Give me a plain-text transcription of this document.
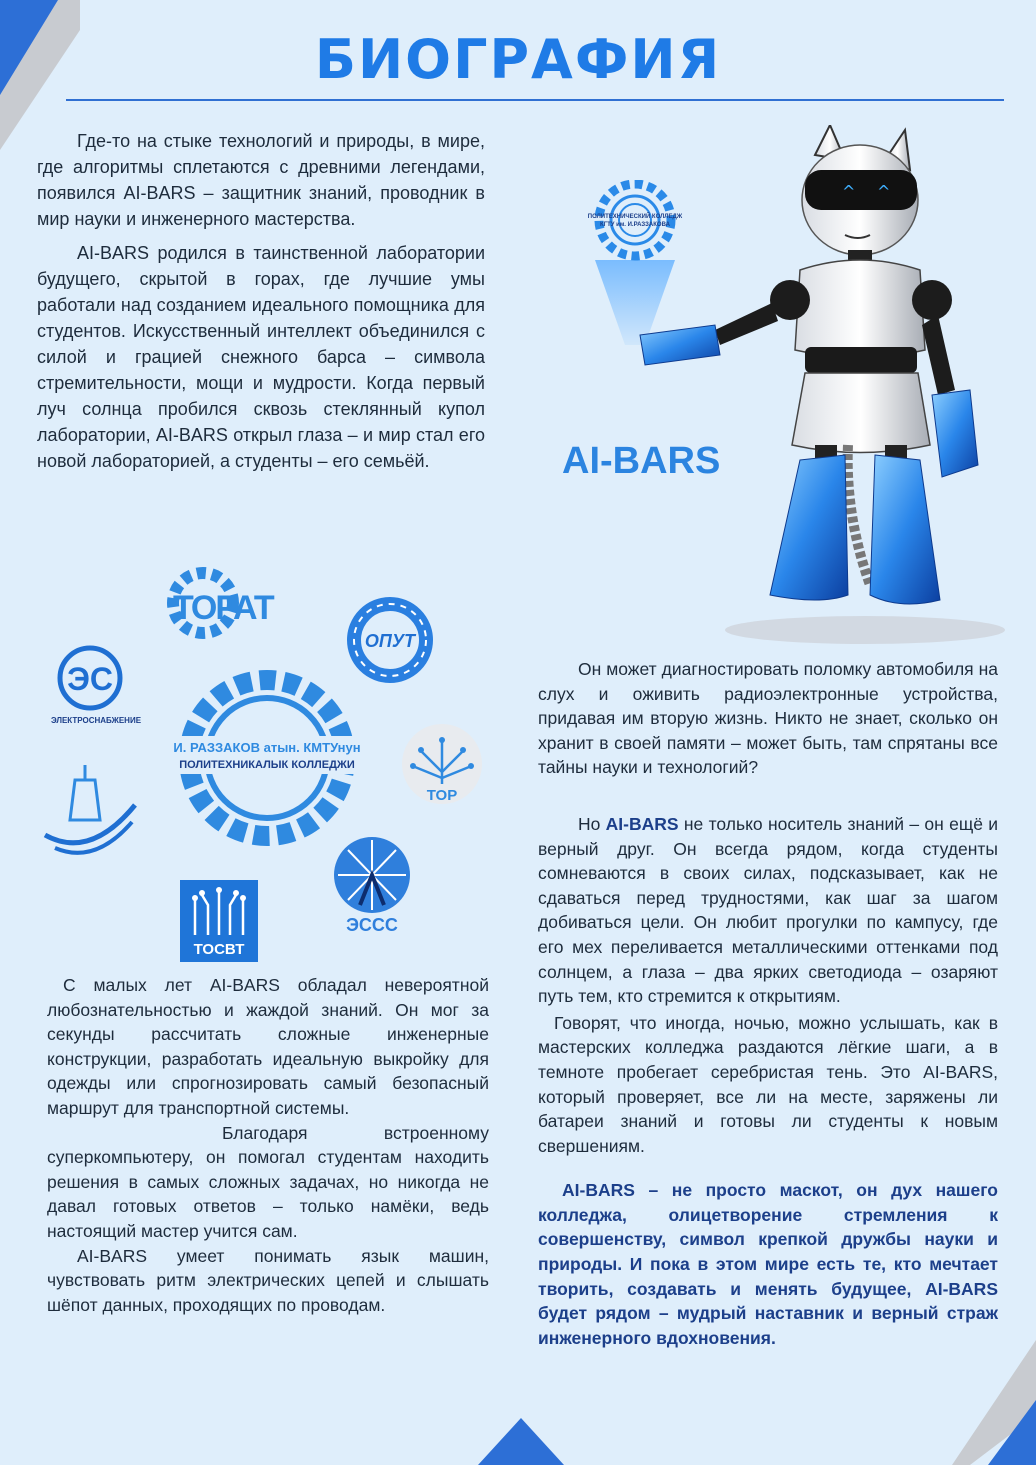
БИОГРАФИЯ

Где-то на стыке технологий и природы, в мире, где алгоритмы сплетаются с древними легендами, появился AI-BARS – защитник знаний, проводник в мир науки и инженерного мастерства.

AI-BARS родился в таинственной лаборатории будущего, скрытой в горах, где лучшие умы работали над созданием идеального помощника для студентов. Искусственный интеллект объединился с силой и грацией снежного барса – символа стремительности, мощи и мудрости. Когда первый луч солнца пробился сквозь стеклянный купол лаборатории, AI-BARS открыл глаза – и мир стал его новой лабораторией, а студенты – его семьёй.

ПОЛИТЕХНИЧЕСКИЙ КОЛЛЕДЖ
КГТУ им. И.РАЗЗАКОВА
^ ^
AI-BARS
ТОРАТ
ОПУТ
ЭС
ЭЛЕКТРОСНАБЖЕНИЕ
И. РАЗЗАКОВ атын. КМТУнун
ПОЛИТЕХНИКАЛЫК КОЛЛЕДЖИ
ТОР
ЭССС
ТОСВТ

Он может диагностировать поломку автомобиля на слух и оживить радиоэлектронные устройства, придавая им вторую жизнь. Никто не знает, сколько он хранит в своей памяти – может быть, там спрятаны все тайны науки и технологий?

Но AI-BARS не только носитель знаний – он ещё и верный друг. Он всегда рядом, когда студенты сомневаются в своих силах, подсказывает, как не сдаваться перед трудностями, как шаг за шагом добиваться цели. Он любит прогулки по кампусу, где его мех переливается металлическими оттенками под солнцем, а глаза – два ярких светодиода – озаряют путь тем, кто стремится к открытиям.

Говорят, что иногда, ночью, можно услышать, как в мастерских колледжа раздаются лёгкие шаги, а в темноте пробегает серебристая тень. Это AI-BARS, который проверяет, все ли на месте, заряжены ли батареи знаний и готовы ли студенты к новым свершениям.

AI-BARS – не просто маскот, он дух нашего колледжа, олицетворение стремления к совершенству, символ крепкой дружбы науки и природы. И пока в этом мире есть те, кто мечтает творить, создавать и менять будущее, AI-BARS будет рядом – мудрый наставник и верный страж инженерного вдохновения.

С малых лет AI-BARS обладал невероятной любознательностью и жаждой знаний. Он мог за секунды рассчитать сложные инженерные конструкции, разработать идеальную выкройку для одежды или спрогнозировать самый безопасный маршрут для транспортной системы.

Благодаря встроенному суперкомпьютеру, он помогал студентам находить решения в самых сложных задачах, но никогда не давал готовых ответов – только намёки, ведь настоящий мастер учится сам.

AI-BARS умеет понимать язык машин, чувствовать ритм электрических цепей и слышать шёпот данных, проходящих по проводам.
